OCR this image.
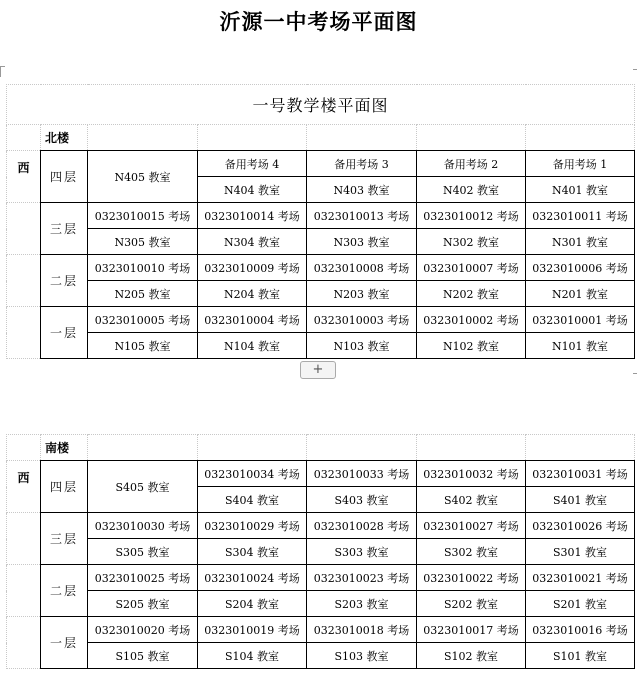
沂源一中考场平面图
一号教学楼平面图						
	北楼					
西	四层	N405 教室	备用考场 4	备用考场 3	备用考场 2	备用考场 1
			N404 教室	N403 教室	N402 教室	N401 教室
	三层	0323010015 考场	0323010014 考场	0323010013 考场	0323010012 考场	0323010011 考场
		N305 教室	N304 教室	N303 教室	N302 教室	N301 教室
	二层	0323010010 考场	0323010009 考场	0323010008 考场	0323010007 考场	0323010006 考场
		N205 教室	N204 教室	N203 教室	N202 教室	N201 教室
	一层	0323010005 考场	0323010004 考场	0323010003 考场	0323010002 考场	0323010001 考场
		N105 教室	N104 教室	N103 教室	N102 教室	N101 教室
+
	南楼					
西	四层	S405 教室	0323010034 考场	0323010033 考场	0323010032 考场	0323010031 考场
			S404 教室	S403 教室	S402 教室	S401 教室
	三层	0323010030 考场	0323010029 考场	0323010028 考场	0323010027 考场	0323010026 考场
		S305 教室	S304 教室	S303 教室	S302 教室	S301 教室
	二层	0323010025 考场	0323010024 考场	0323010023 考场	0323010022 考场	0323010021 考场
		S205 教室	S204 教室	S203 教室	S202 教室	S201 教室
	一层	0323010020 考场	0323010019 考场	0323010018 考场	0323010017 考场	0323010016 考场
		S105 教室	S104 教室	S103 教室	S102 教室	S101 教室
